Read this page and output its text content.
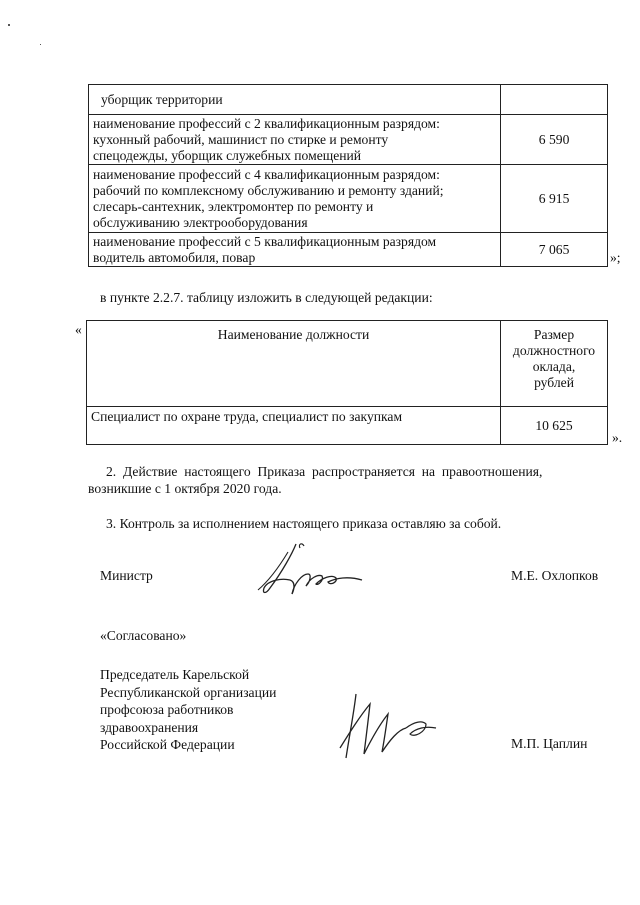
уборщик территории	
наименование профессий с 2 квалификационным разрядом:
кухонный рабочий, машинист по стирке и ремонту
спецодежды, уборщик служебных помещений	6 590
наименование профессий с 4 квалификационным разрядом:
рабочий по комплексному обслуживанию и ремонту зданий;
слесарь-сантехник, электромонтер по ремонту и
обслуживанию электрооборудования	6 915
наименование профессий с 5 квалификационным разрядом
водитель автомобиля, повар	7 065
»;
в пункте 2.2.7. таблицу изложить в следующей редакции:
«	Наименование должности	Размер
должностного
оклада,
рублей
Специалист по охране труда, специалист по закупкам	10 625
».
2.  Действие  настоящего  Приказа  распространяется  на  правоотношения,
возникшие с 1 октября 2020 года.
3. Контроль за исполнением настоящего приказа оставляю за собой.
Министр	М.Е. Охлопков
«Согласовано»
Председатель Карельской
Республиканской организации
профсоюза работников
здравоохранения
Российской Федерации	М.П. Цаплин
